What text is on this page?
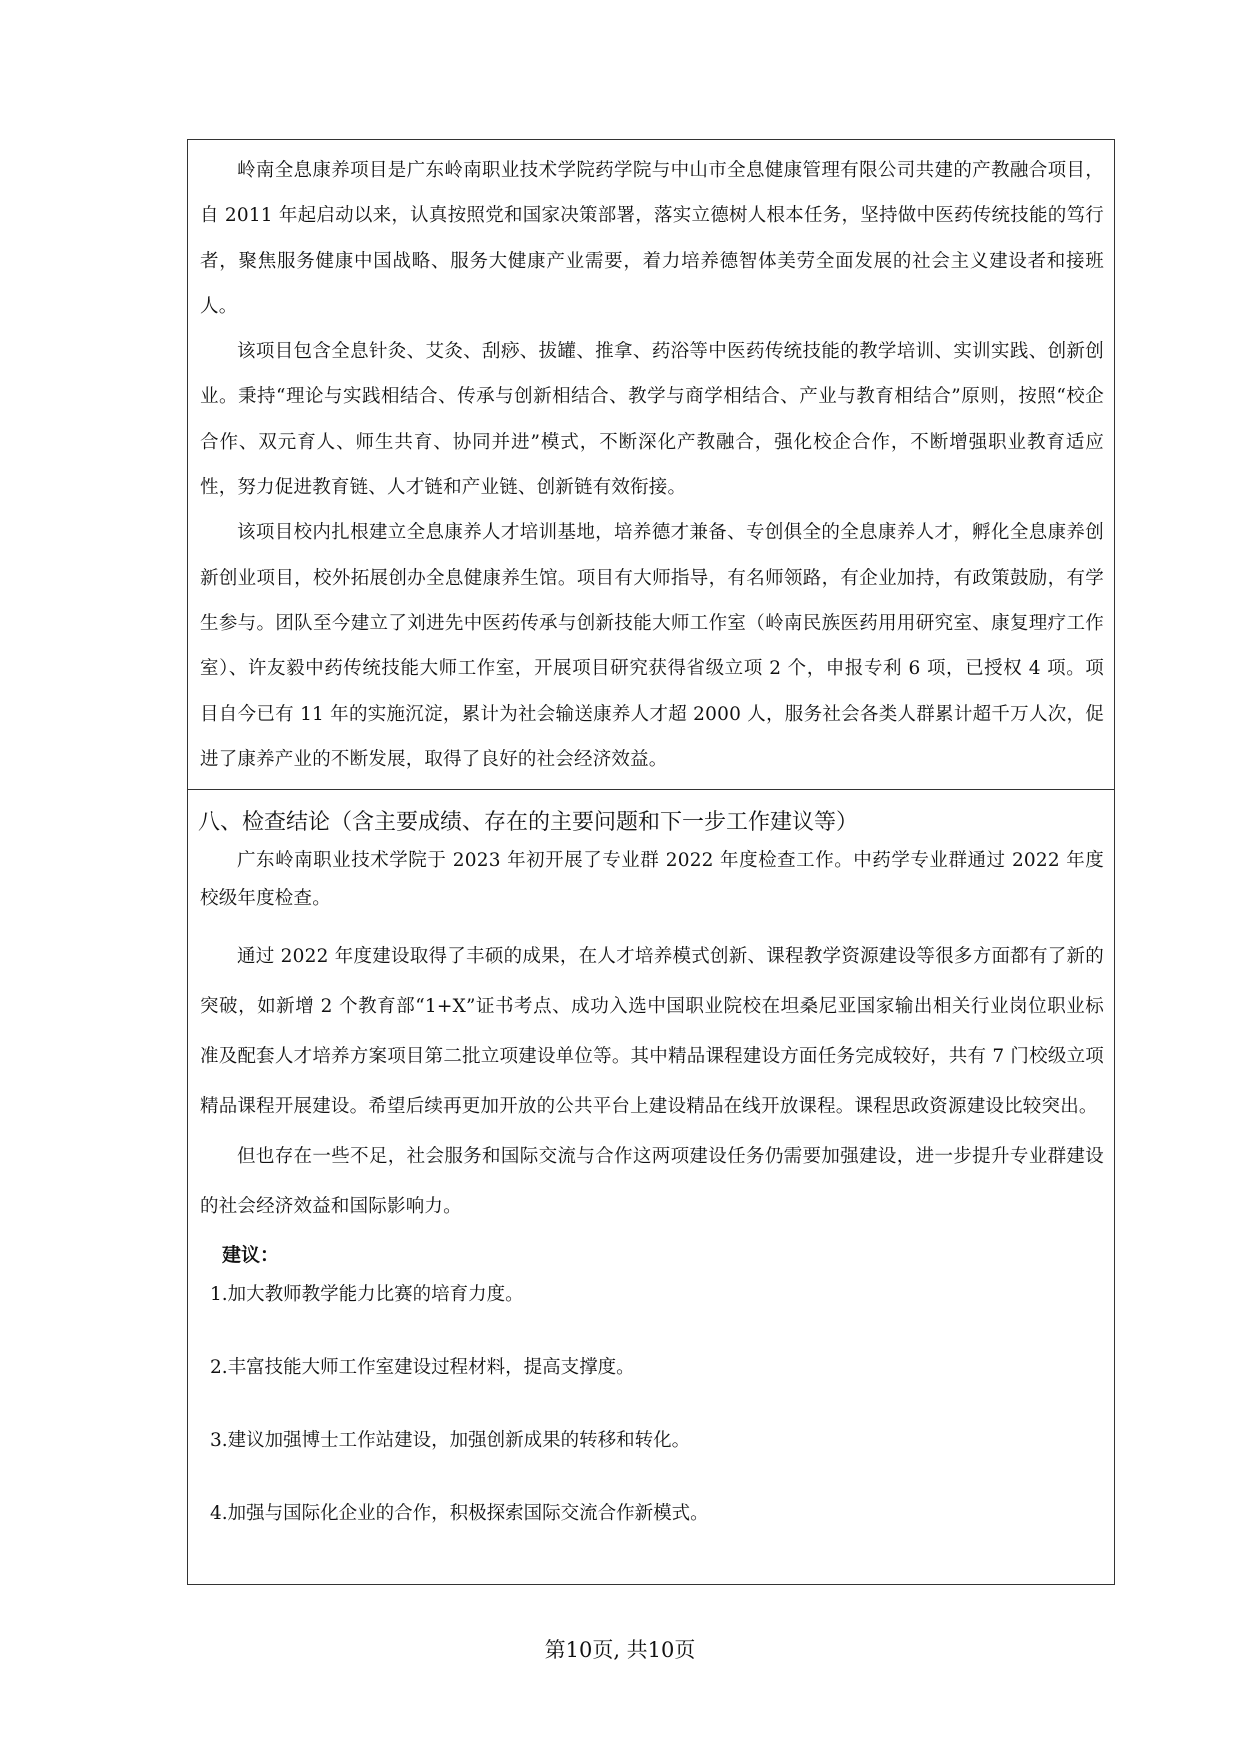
岭南全息康养项目是广东岭南职业技术学院药学院与中山市全息健康管理有限公司共建的产教融合项目，自 2011 年起启动以来，认真按照党和国家决策部署，落实立德树人根本任务，坚持做中医药传统技能的笃行者，聚焦服务健康中国战略、服务大健康产业需要，着力培养德智体美劳全面发展的社会主义建设者和接班人。

该项目包含全息针灸、艾灸、刮痧、拔罐、推拿、药浴等中医药传统技能的教学培训、实训实践、创新创业。秉持“理论与实践相结合、传承与创新相结合、教学与商学相结合、产业与教育相结合”原则，按照“校企合作、双元育人、师生共育、协同并进”模式，不断深化产教融合，强化校企合作，不断增强职业教育适应性，努力促进教育链、人才链和产业链、创新链有效衔接。

该项目校内扎根建立全息康养人才培训基地，培养德才兼备、专创俱全的全息康养人才，孵化全息康养创新创业项目，校外拓展创办全息健康养生馆。项目有大师指导，有名师领路，有企业加持，有政策鼓励，有学生参与。团队至今建立了刘进先中医药传承与创新技能大师工作室（岭南民族医药用用研究室、康复理疗工作室）、许友毅中药传统技能大师工作室，开展项目研究获得省级立项 2 个，申报专利 6 项，已授权 4 项。项目自今已有 11 年的实施沉淀，累计为社会输送康养人才超 2000 人，服务社会各类人群累计超千万人次，促进了康养产业的不断发展，取得了良好的社会经济效益。

八、检查结论（含主要成绩、存在的主要问题和下一步工作建议等）

广东岭南职业技术学院于 2023 年初开展了专业群 2022 年度检查工作。中药学专业群通过 2022 年度校级年度检查。

通过 2022 年度建设取得了丰硕的成果，在人才培养模式创新、课程教学资源建设等很多方面都有了新的突破，如新增 2 个教育部“1+X”证书考点、成功入选中国职业院校在坦桑尼亚国家输出相关行业岗位职业标准及配套人才培养方案项目第二批立项建设单位等。其中精品课程建设方面任务完成较好，共有 7 门校级立项精品课程开展建设。希望后续再更加开放的公共平台上建设精品在线开放课程。课程思政资源建设比较突出。

但也存在一些不足，社会服务和国际交流与合作这两项建设任务仍需要加强建设，进一步提升专业群建设的社会经济效益和国际影响力。

建议：

1.加大教师教学能力比赛的培育力度。

2.丰富技能大师工作室建设过程材料，提高支撑度。

3.建议加强博士工作站建设，加强创新成果的转移和转化。

4.加强与国际化企业的合作，积极探索国际交流合作新模式。

第10页, 共10页
